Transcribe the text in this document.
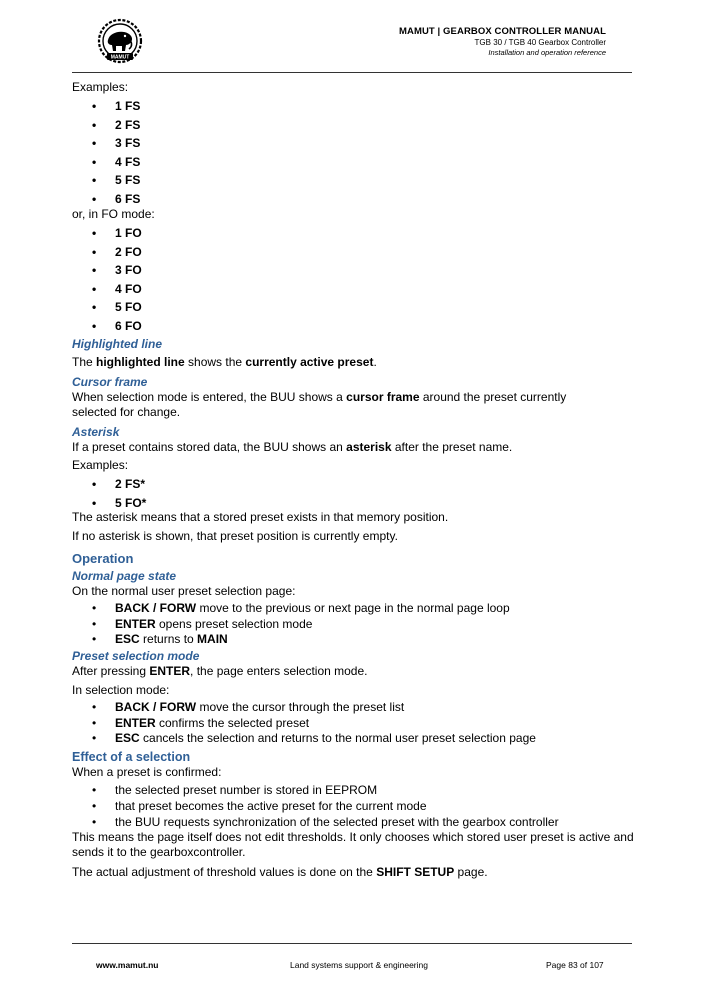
MAMUT
MAMUT | GEARBOX CONTROLLER MANUAL
TGB 30 / TGB 40 Gearbox Controller
Installation and operation reference

Examples:

• 1 FS
• 2 FS
• 3 FS
• 4 FS
• 5 FS
• 6 FS

or, in FO mode:

• 1 FO
• 2 FO
• 3 FO
• 4 FO
• 5 FO
• 6 FO

Highlighted line

The highlighted line shows the currently active preset.

Cursor frame

When selection mode is entered, the BUU shows a cursor frame around the preset currently selected for change.

Asterisk

If a preset contains stored data, the BUU shows an asterisk after the preset name.

Examples:

• 2 FS*
• 5 FO*

The asterisk means that a stored preset exists in that memory position.

If no asterisk is shown, that preset position is currently empty.

Operation

Normal page state

On the normal user preset selection page:

• BACK / FORW move to the previous or next page in the normal page loop
• ENTER opens preset selection mode
• ESC returns to MAIN

Preset selection mode

After pressing ENTER, the page enters selection mode.

In selection mode:

• BACK / FORW move the cursor through the preset list
• ENTER confirms the selected preset
• ESC cancels the selection and returns to the normal user preset selection page

Effect of a selection

When a preset is confirmed:

• the selected preset number is stored in EEPROM
• that preset becomes the active preset for the current mode
• the BUU requests synchronization of the selected preset with the gearbox controller

This means the page itself does not edit thresholds. It only chooses which stored user preset is active and sends it to the gearboxcontroller.

The actual adjustment of threshold values is done on the SHIFT SETUP page.

www.mamut.nu	Land systems support & engineering	Page 83 of 107
